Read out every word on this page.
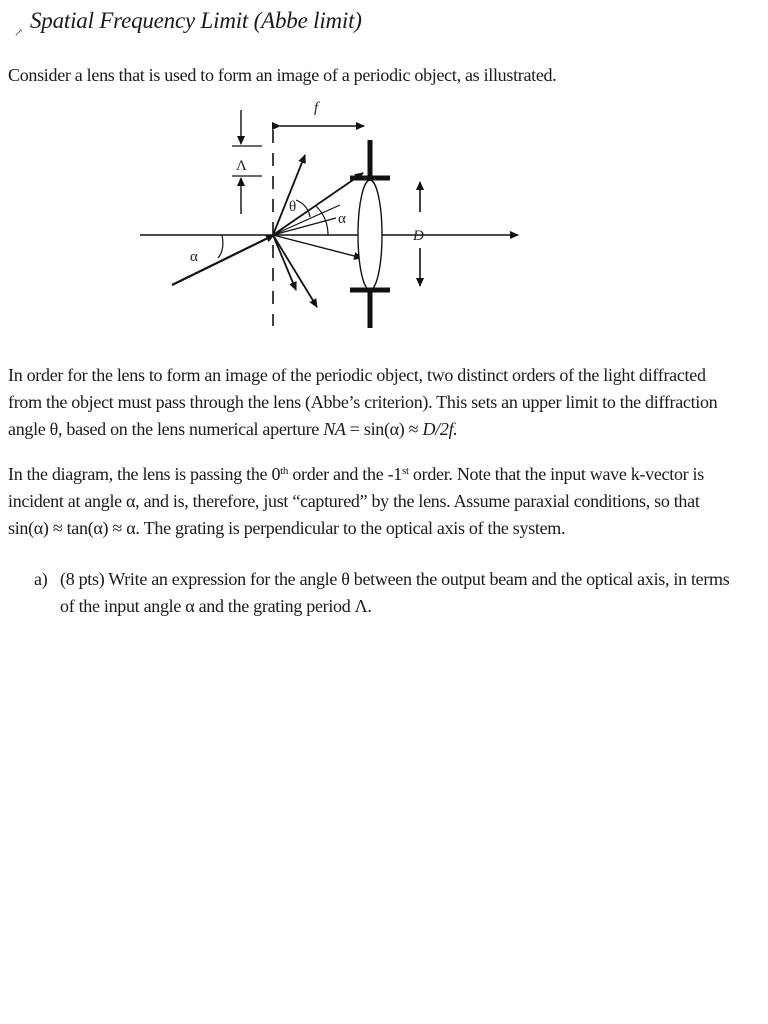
↗ Spatial Frequency Limit (Abbe limit)
Consider a lens that is used to form an image of a periodic object, as illustrated.
f
Λ
α
θ
α
D
In order for the lens to form an image of the periodic object, two distinct orders of the light diffracted
from the object must pass through the lens (Abbe’s criterion). This sets an upper limit to the diffraction
angle θ, based on the lens numerical aperture NA = sin(α) ≈ D/2f.
In the diagram, the lens is passing the 0th order and the -1st order. Note that the input wave k-vector is
incident at angle α, and is, therefore, just “captured” by the lens. Assume paraxial conditions, so that
sin(α) ≈ tan(α) ≈ α. The grating is perpendicular to the optical axis of the system.
a) (8 pts) Write an expression for the angle θ between the output beam and the optical axis, in terms
of the input angle α and the grating period Λ.
